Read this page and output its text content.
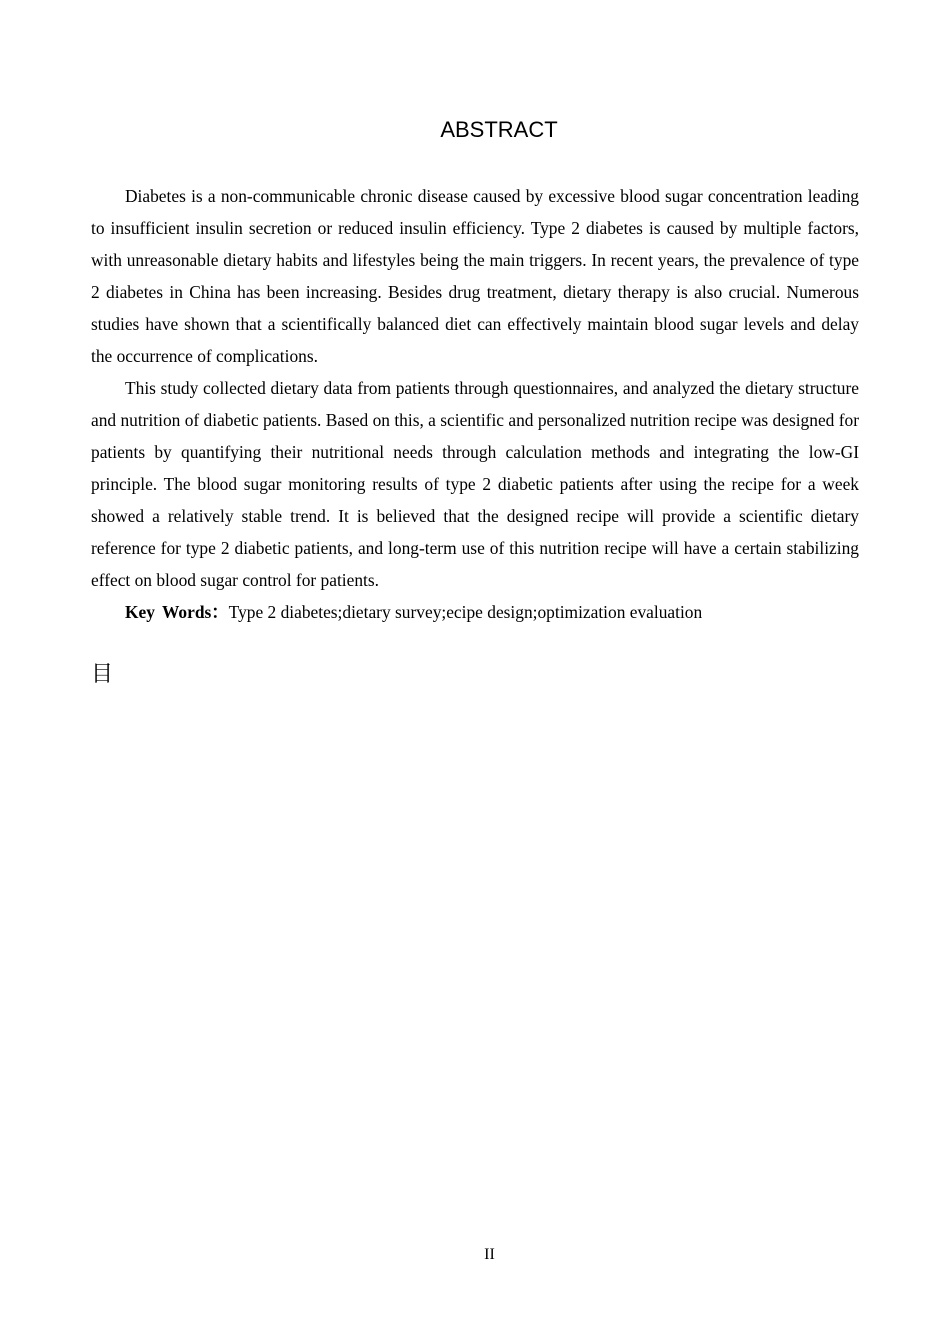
ABSTRACT

Diabetes is a non-communicable chronic disease caused by excessive blood sugar concentration leading to insufficient insulin secretion or reduced insulin efficiency. Type 2 diabetes is caused by multiple factors, with unreasonable dietary habits and lifestyles being the main triggers. In recent years, the prevalence of type 2 diabetes in China has been increasing. Besides drug treatment, dietary therapy is also crucial. Numerous studies have shown that a scientifically balanced diet can effectively maintain blood sugar levels and delay the occurrence of complications.

This study collected dietary data from patients through questionnaires, and analyzed the dietary structure and nutrition of diabetic patients. Based on this, a scientific and personalized nutrition recipe was designed for patients by quantifying their nutritional needs through calculation methods and integrating the low-GI principle. The blood sugar monitoring results of type 2 diabetic patients after using the recipe for a week showed a relatively stable trend. It is believed that the designed recipe will provide a scientific dietary reference for type 2 diabetic patients, and long-term use of this nutrition recipe will have a certain stabilizing effect on blood sugar control for patients.

Key Words：Type 2 diabetes;dietary survey;ecipe design;optimization evaluation

目
II
